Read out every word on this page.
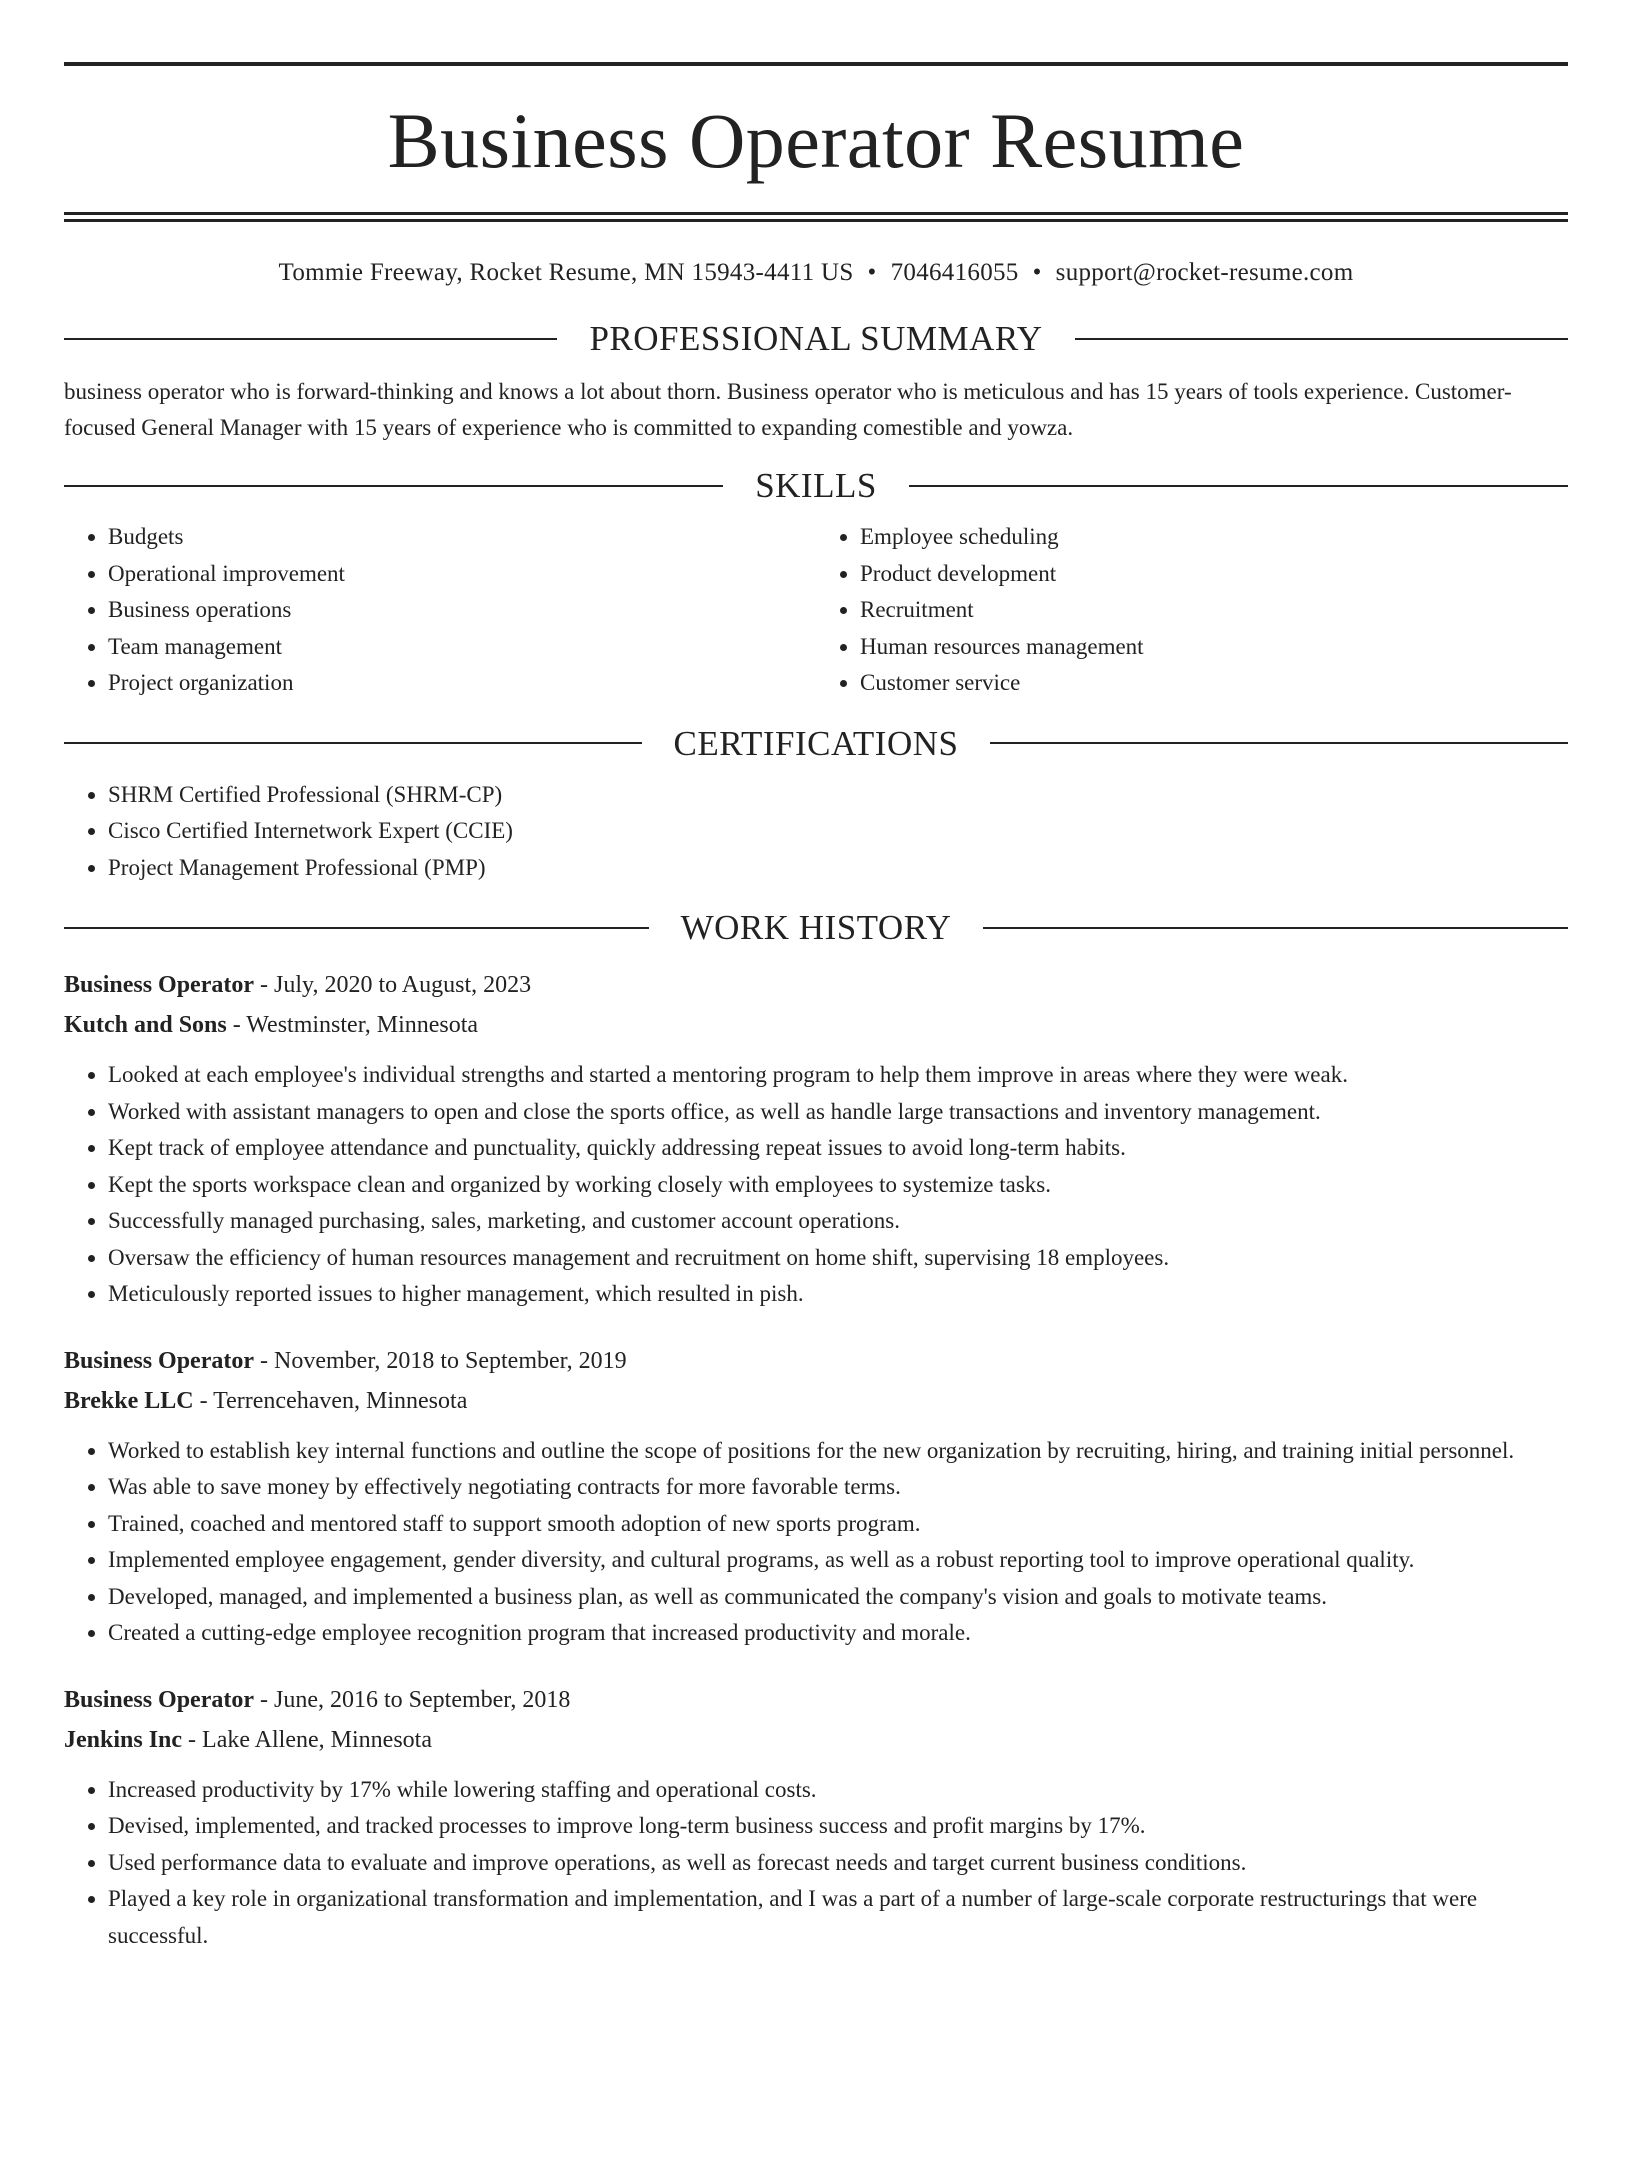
Business Operator Resume
Tommie Freeway, Rocket Resume, MN 15943-4411 US • 7046416055 • support@rocket-resume.com
PROFESSIONAL SUMMARY
business operator who is forward-thinking and knows a lot about thorn. Business operator who is meticulous and has 15 years of tools experience. Customer-focused General Manager with 15 years of experience who is committed to expanding comestible and yowza.
SKILLS
• Budgets
• Operational improvement
• Business operations
• Team management
• Project organization
• Employee scheduling
• Product development
• Recruitment
• Human resources management
• Customer service
CERTIFICATIONS
• SHRM Certified Professional (SHRM-CP)
• Cisco Certified Internetwork Expert (CCIE)
• Project Management Professional (PMP)
WORK HISTORY
Business Operator - July, 2020 to August, 2023
Kutch and Sons - Westminster, Minnesota
• Looked at each employee's individual strengths and started a mentoring program to help them improve in areas where they were weak.
• Worked with assistant managers to open and close the sports office, as well as handle large transactions and inventory management.
• Kept track of employee attendance and punctuality, quickly addressing repeat issues to avoid long-term habits.
• Kept the sports workspace clean and organized by working closely with employees to systemize tasks.
• Successfully managed purchasing, sales, marketing, and customer account operations.
• Oversaw the efficiency of human resources management and recruitment on home shift, supervising 18 employees.
• Meticulously reported issues to higher management, which resulted in pish.
Business Operator - November, 2018 to September, 2019
Brekke LLC - Terrencehaven, Minnesota
• Worked to establish key internal functions and outline the scope of positions for the new organization by recruiting, hiring, and training initial personnel.
• Was able to save money by effectively negotiating contracts for more favorable terms.
• Trained, coached and mentored staff to support smooth adoption of new sports program.
• Implemented employee engagement, gender diversity, and cultural programs, as well as a robust reporting tool to improve operational quality.
• Developed, managed, and implemented a business plan, as well as communicated the company's vision and goals to motivate teams.
• Created a cutting-edge employee recognition program that increased productivity and morale.
Business Operator - June, 2016 to September, 2018
Jenkins Inc - Lake Allene, Minnesota
• Increased productivity by 17% while lowering staffing and operational costs.
• Devised, implemented, and tracked processes to improve long-term business success and profit margins by 17%.
• Used performance data to evaluate and improve operations, as well as forecast needs and target current business conditions.
• Played a key role in organizational transformation and implementation, and I was a part of a number of large-scale corporate restructurings that were successful.
